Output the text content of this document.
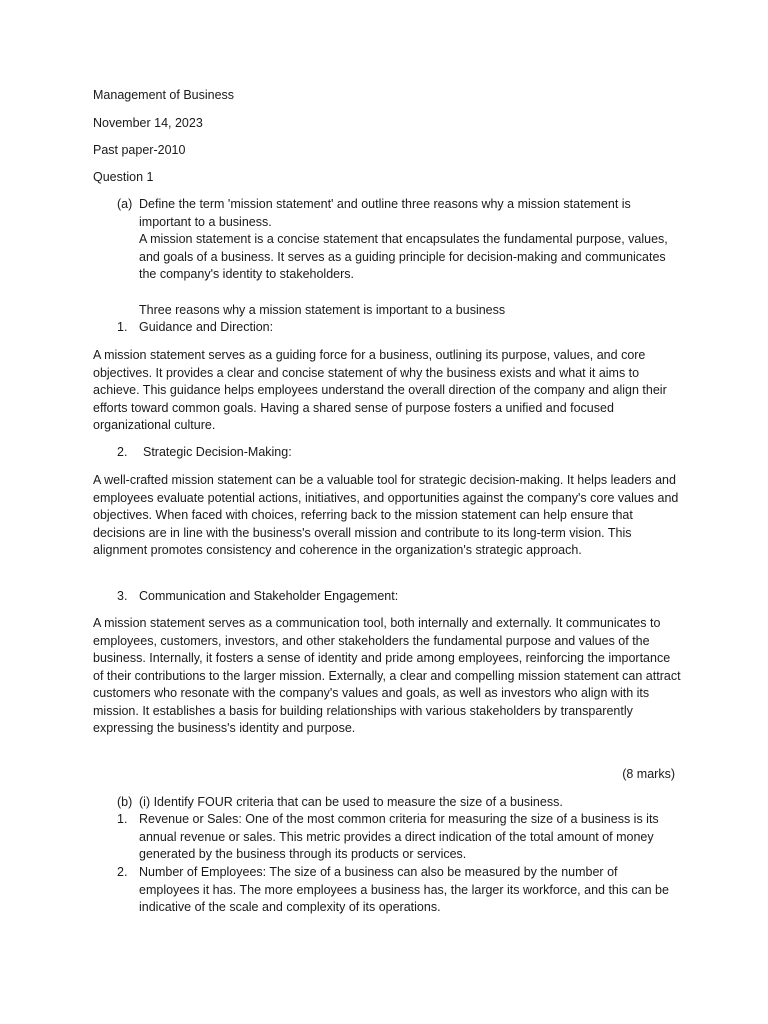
Management of Business
November 14, 2023
Past paper-2010
Question 1
(a) Define the term 'mission statement' and outline three reasons why a mission statement is important to a business.
A mission statement is a concise statement that encapsulates the fundamental purpose, values, and goals of a business. It serves as a guiding principle for decision-making and communicates the company's identity to stakeholders.
Three reasons why a mission statement is important to a business
1. Guidance and Direction:
A mission statement serves as a guiding force for a business, outlining its purpose, values, and core objectives. It provides a clear and concise statement of why the business exists and what it aims to achieve. This guidance helps employees understand the overall direction of the company and align their efforts toward common goals. Having a shared sense of purpose fosters a unified and focused organizational culture.
2. Strategic Decision-Making:
A well-crafted mission statement can be a valuable tool for strategic decision-making. It helps leaders and employees evaluate potential actions, initiatives, and opportunities against the company's core values and objectives. When faced with choices, referring back to the mission statement can help ensure that decisions are in line with the business's overall mission and contribute to its long-term vision. This alignment promotes consistency and coherence in the organization's strategic approach.
3. Communication and Stakeholder Engagement:
A mission statement serves as a communication tool, both internally and externally. It communicates to employees, customers, investors, and other stakeholders the fundamental purpose and values of the business. Internally, it fosters a sense of identity and pride among employees, reinforcing the importance of their contributions to the larger mission. Externally, a clear and compelling mission statement can attract customers who resonate with the company's values and goals, as well as investors who align with its mission. It establishes a basis for building relationships with various stakeholders by transparently expressing the business's identity and purpose.
(8 marks)
(b) (i) Identify FOUR criteria that can be used to measure the size of a business.
1. Revenue or Sales: One of the most common criteria for measuring the size of a business is its annual revenue or sales. This metric provides a direct indication of the total amount of money generated by the business through its products or services.
2. Number of Employees: The size of a business can also be measured by the number of employees it has. The more employees a business has, the larger its workforce, and this can be indicative of the scale and complexity of its operations.
